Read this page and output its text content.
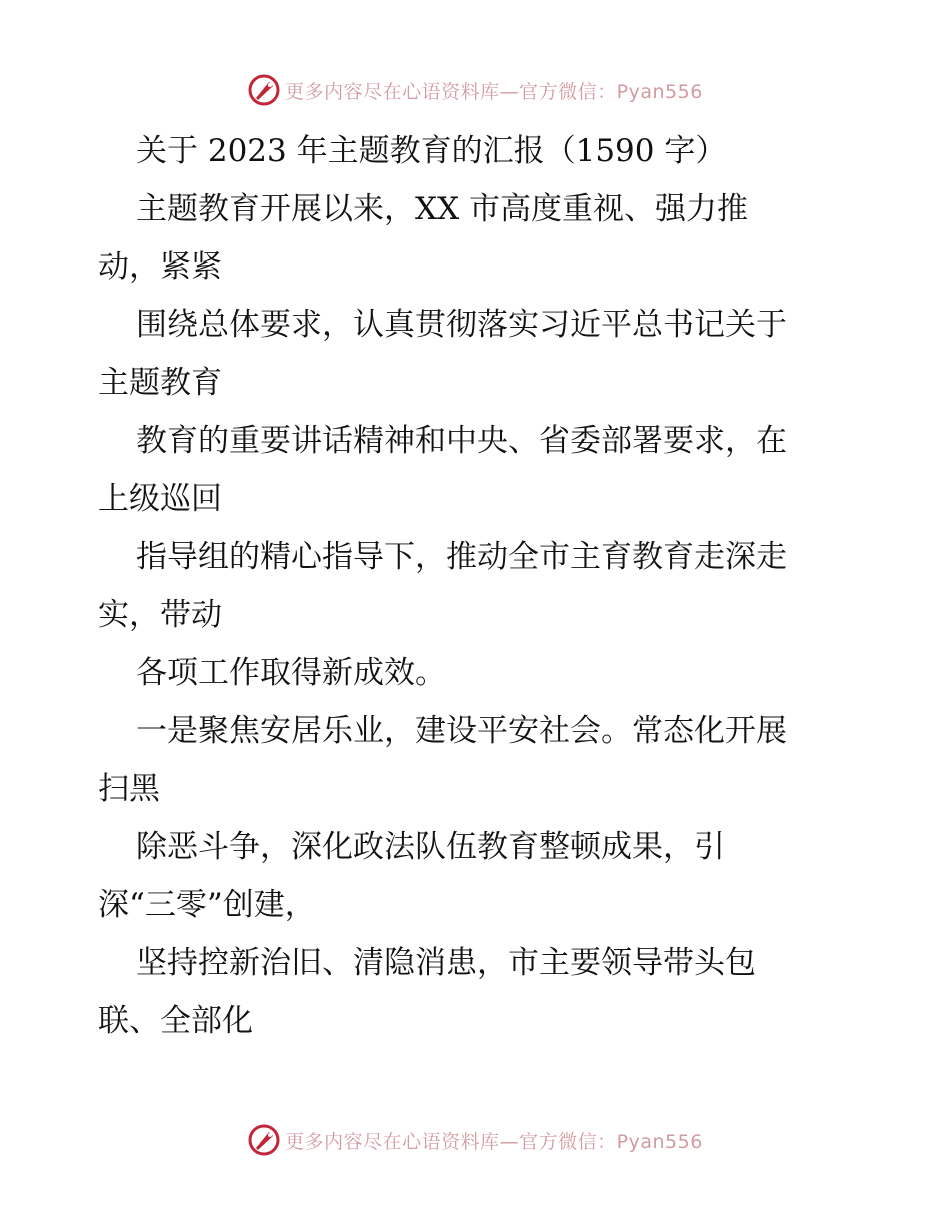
更多内容尽在心语资料库—官方微信：Pyan556
关于 2023 年主题教育的汇报（1590 字）
主题教育开展以来，XX 市高度重视、强力推
动，紧紧
围绕总体要求，认真贯彻落实习近平总书记关于
主题教育
教育的重要讲话精神和中央、省委部署要求，在
上级巡回
指导组的精心指导下，推动全市主育教育走深走
实，带动
各项工作取得新成效。
一是聚焦安居乐业，建设平安社会。常态化开展
扫黑
除恶斗争，深化政法队伍教育整顿成果，引
深“三零”创建，
坚持控新治旧、清隐消患，市主要领导带头包
联、全部化
更多内容尽在心语资料库—官方微信：Pyan556
